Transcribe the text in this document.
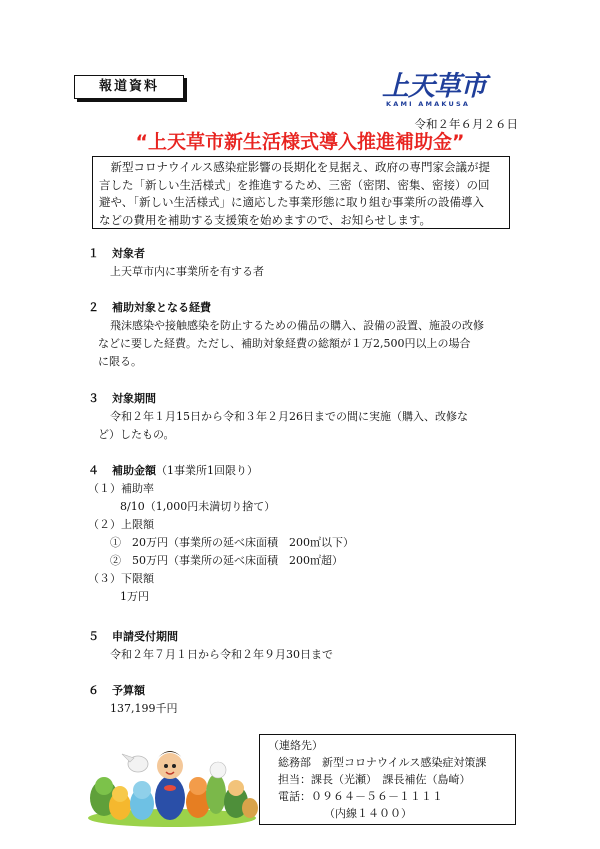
報道資料	上天草市
KAMI AMAKUSA
令和２年６月２６日
“上天草市新生活様式導入推進補助金”
新型コロナウイルス感染症影響の長期化を見据え、政府の専門家会議が提
言した「新しい生活様式」を推進するため、三密（密閉、密集、密接）の回
避や、「新しい生活様式」に適応した事業形態に取り組む事業所の設備導入
などの費用を補助する支援策を始めますので、お知らせします。
１ 対象者
上天草市内に事業所を有する者
２ 補助対象となる経費
飛沫感染や接触感染を防止するための備品の購入、設備の設置、施設の改修
などに要した経費。ただし、補助対象経費の総額が１万2,500円以上の場合
に限る。
３ 対象期間
令和２年１月15日から令和３年２月26日までの間に実施（購入、改修な
ど）したもの。
４ 補助金額（1事業所1回限り）
（１）補助率
8/10（1,000円未満切り捨て）
（２）上限額
①　20万円（事業所の延べ床面積　200㎡以下）
②　50万円（事業所の延べ床面積　200㎡超）
（３）下限額
1万円
５ 申請受付期間
令和２年７月１日から令和２年９月30日まで
６ 予算額
137,199千円
（連絡先）
総務部　新型コロナウイルス感染症対策課
担当：課長（光瀬）　課長補佐（島崎）
電話：０９６４－５６－１１１１
（内線１４００）
